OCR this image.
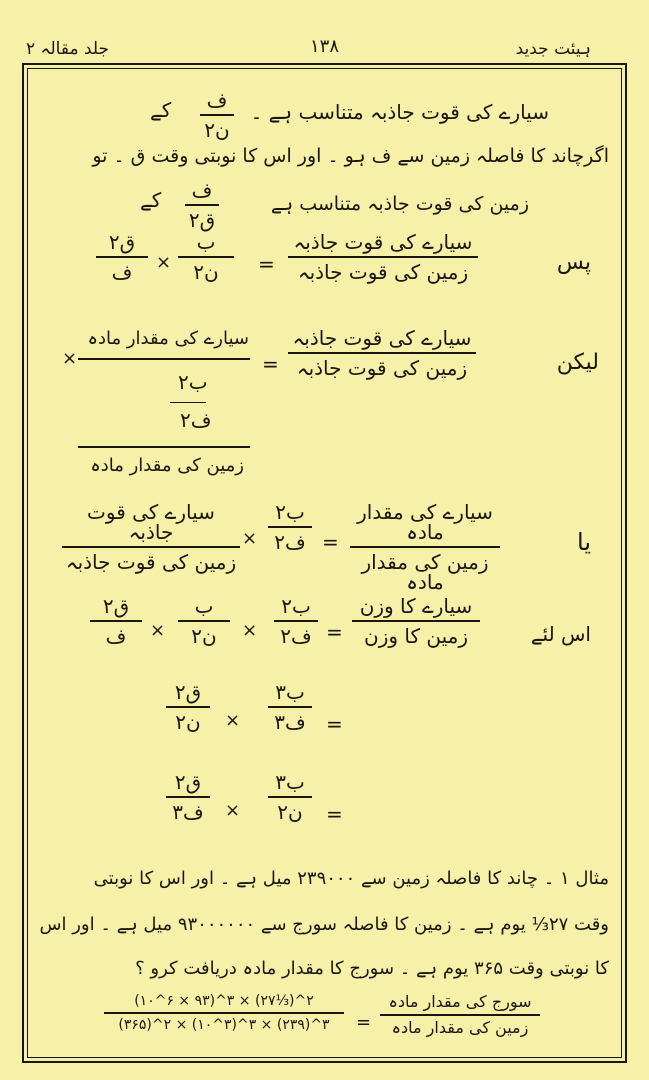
جلد مقالہ ۲	۱۳۸	ہیئت جدید
سیارے کی قوت جاذبہ متناسب ہے ۔
ف
ن۲
کے
اگرچاند کا فاصلہ زمین سے ف ہو ۔ اور اس کا نوبتی وقت ق ۔ تو
زمین کی قوت جاذبہ متناسب ہے
ف
ق۲
کے
پس
سیارے کی قوت جاذبہ
زمین کی قوت جاذبہ
=
ب
ن۲
×
ق۲
ف
لیکن
سیارے کی قوت جاذبہ
زمین کی قوت جاذبہ
=
سیارے کی مقدار مادہ
×
ب۲
ف۲
زمین کی مقدار مادہ
یا
سیارے کی مقدار مادہ
زمین کی مقدار مادہ
=
ب۲
ف۲
×
سیارے کی قوت جاذبہ
زمین کی قوت جاذبہ
اس لئے
سیارے کا وزن
زمین کا وزن
=
ب۲
ف۲
×
ب
ن۲
×
ق۲
ف
=
ب۳
ف۳
×
ق۲
ن۲
=
ب۳
ن۲
×
ق۲
ف۳
مثال ۱ ۔ چاند کا فاصلہ زمین سے ۲۳۹۰۰۰ میل ہے ۔ اور اس کا نوبتی
وقت ۲۷⅓ یوم ہے ۔ زمین کا فاصلہ سورج سے ۹۳۰۰۰۰۰۰ میل ہے ۔ اور اس
کا نوبتی وقت ۳۶۵ یوم ہے ۔ سورج کا مقدار مادہ دریافت کرو ؟
سورج کی مقدار مادہ
زمین کی مقدار مادہ
=
(۱۰^۶ × ۹۳)^۳ × (۲۷⅓)^۲
(۳۶۵)^۲ × (۱۰^۳)^۳ × (۲۳۹)^۳
